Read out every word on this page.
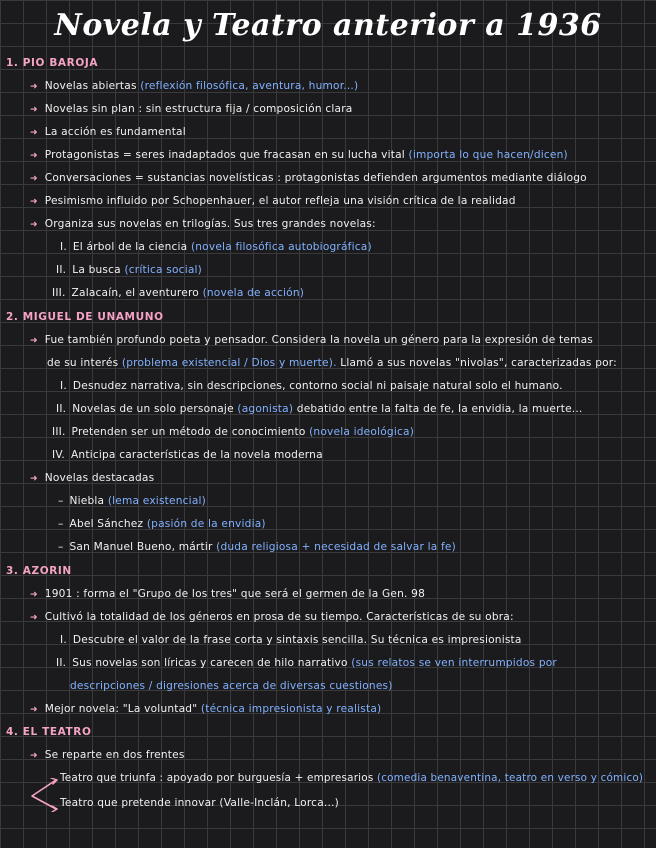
Novela y Teatro anterior a 1936
1. PIO BAROJA
➜ Novelas abiertas (reflexión filosófica, aventura, humor...)
➜ Novelas sin plan : sin estructura fija / composición clara
➜ La acción es fundamental
➜ Protagonistas = seres inadaptados que fracasan en su lucha vital (importa lo que hacen/dicen)
➜ Conversaciones = sustancias novelísticas : protagonistas defienden argumentos mediante diálogo
➜ Pesimismo influido por Schopenhauer, el autor refleja una visión crítica de la realidad
➜ Organiza sus novelas en trilogías. Sus tres grandes novelas:
I. El árbol de la ciencia (novela filosófica autobiográfica)
II. La busca (crítica social)
III. Zalacaín, el aventurero (novela de acción)
2. MIGUEL DE UNAMUNO
➜ Fue también profundo poeta y pensador. Considera la novela un género para la expresión de temas
de su interés (problema existencial / Dios y muerte). Llamó a sus novelas "nivolas", caracterizadas por:
I. Desnudez narrativa, sin descripciones, contorno social ni paisaje natural solo el humano.
II. Novelas de un solo personaje (agonista) debatido entre la falta de fe, la envidia, la muerte...
III. Pretenden ser un método de conocimiento (novela ideológica)
IV. Anticipa características de la novela moderna
➜ Novelas destacadas
– Niebla (lema existencial)
– Abel Sánchez (pasión de la envidia)
– San Manuel Bueno, mártir (duda religiosa + necesidad de salvar la fe)
3. AZORIN
➜ 1901 : forma el "Grupo de los tres" que será el germen de la Gen. 98
➜ Cultivó la totalidad de los géneros en prosa de su tiempo. Características de su obra:
I. Descubre el valor de la frase corta y sintaxis sencilla. Su técnica es impresionista
II. Sus novelas son líricas y carecen de hilo narrativo (sus relatos se ven interrumpidos por
descripciones / digresiones acerca de diversas cuestiones)
➜ Mejor novela: "La voluntad" (técnica impresionista y realista)
4. EL TEATRO
➜ Se reparte en dos frentes
Teatro que triunfa : apoyado por burguesía + empresarios (comedia benaventina, teatro en verso y cómico)
Teatro que pretende innovar (Valle-Inclán, Lorca...)
